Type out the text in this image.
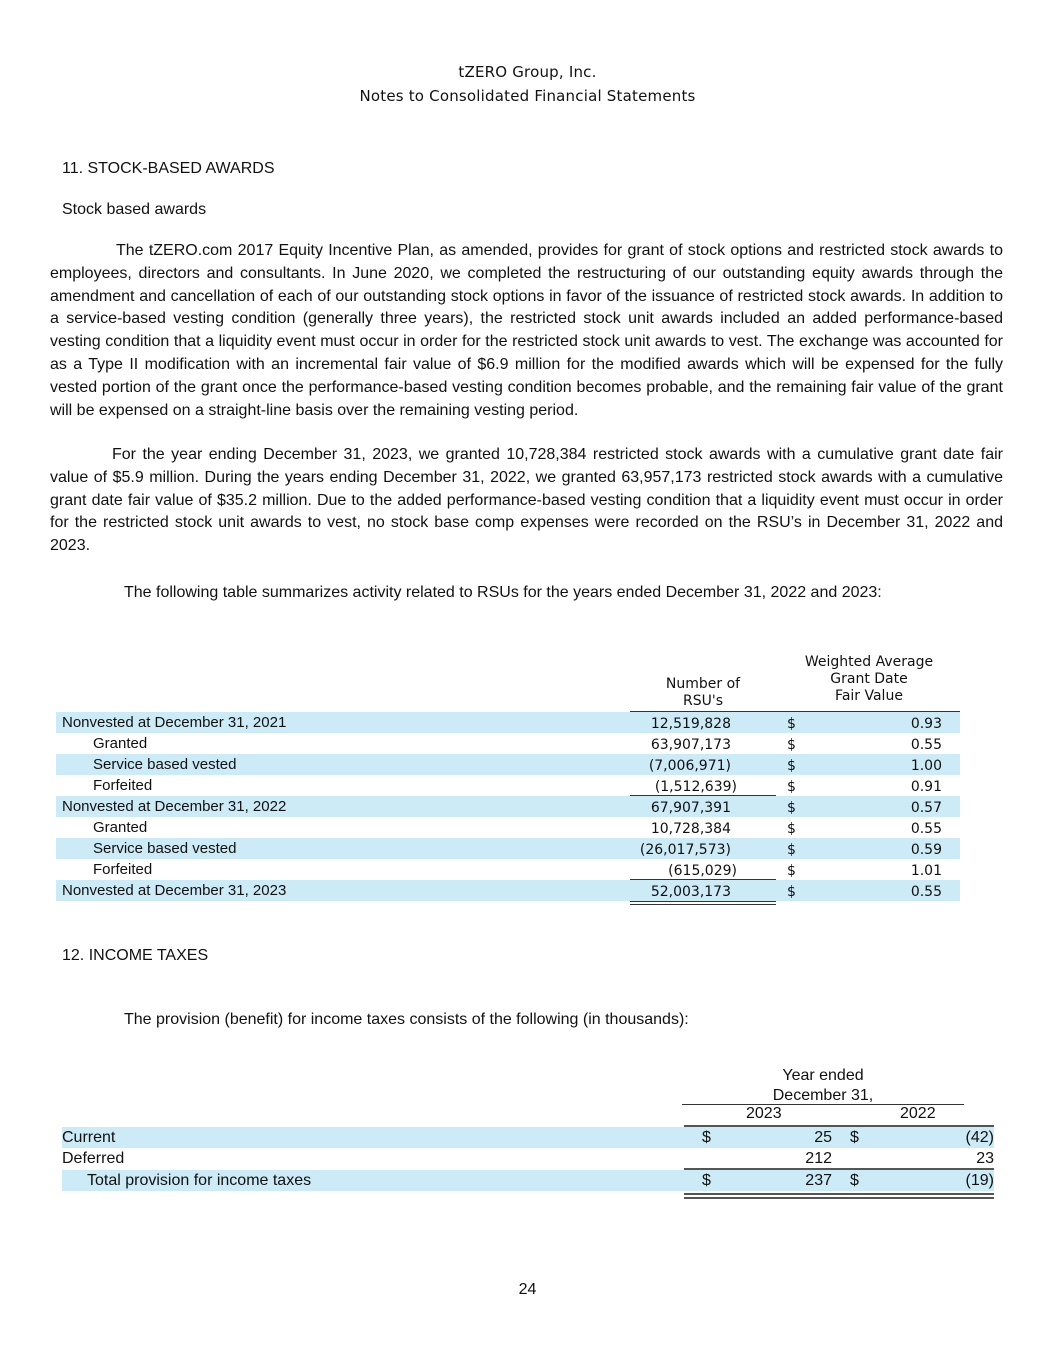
tZERO Group, Inc.
Notes to Consolidated Financial Statements
11. STOCK-BASED AWARDS
Stock based awards
The tZERO.com 2017 Equity Incentive Plan, as amended, provides for grant of stock options and restricted stock awards to employees, directors and consultants. In June 2020, we completed the restructuring of our outstanding equity awards through the amendment and cancellation of each of our outstanding stock options in favor of the issuance of restricted stock awards. In addition to a service-based vesting condition (generally three years), the restricted stock unit awards included an added performance-based vesting condition that a liquidity event must occur in order for the restricted stock unit awards to vest. The exchange was accounted for as a Type II modification with an incremental fair value of $6.9 million for the modified awards which will be expensed for the fully vested portion of the grant once the performance-based vesting condition becomes probable, and the remaining fair value of the grant will be expensed on a straight-line basis over the remaining vesting period.
For the year ending December 31, 2023, we granted 10,728,384 restricted stock awards with a cumulative grant date fair value of $5.9 million. During the years ending December 31, 2022, we granted 63,957,173 restricted stock awards with a cumulative grant date fair value of $35.2 million. Due to the added performance-based vesting condition that a liquidity event must occur in order for the restricted stock unit awards to vest, no stock base comp expenses were recorded on the RSU’s in December 31, 2022 and 2023.
The following table summarizes activity related to RSUs for the years ended December 31, 2022 and 2023:
Number of
RSU's
Weighted Average
Grant Date
Fair Value
Nonvested at December 31, 2021	12,519,828	$	0.93
Granted	63,907,173	$	0.55
Service based vested	(7,006,971)	$	1.00
Forfeited	(1,512,639)	$	0.91
Nonvested at December 31, 2022	67,907,391	$	0.57
Granted	10,728,384	$	0.55
Service based vested	(26,017,573)	$	0.59
Forfeited	(615,029)	$	1.01
Nonvested at December 31, 2023	52,003,173	$	0.55
12. INCOME TAXES
The provision (benefit) for income taxes consists of the following (in thousands):
Year ended
December 31,
2023	2022
Current	$	25 $	(42)
Deferred	212	23
Total provision for income taxes	$	237 $	(19)
24
